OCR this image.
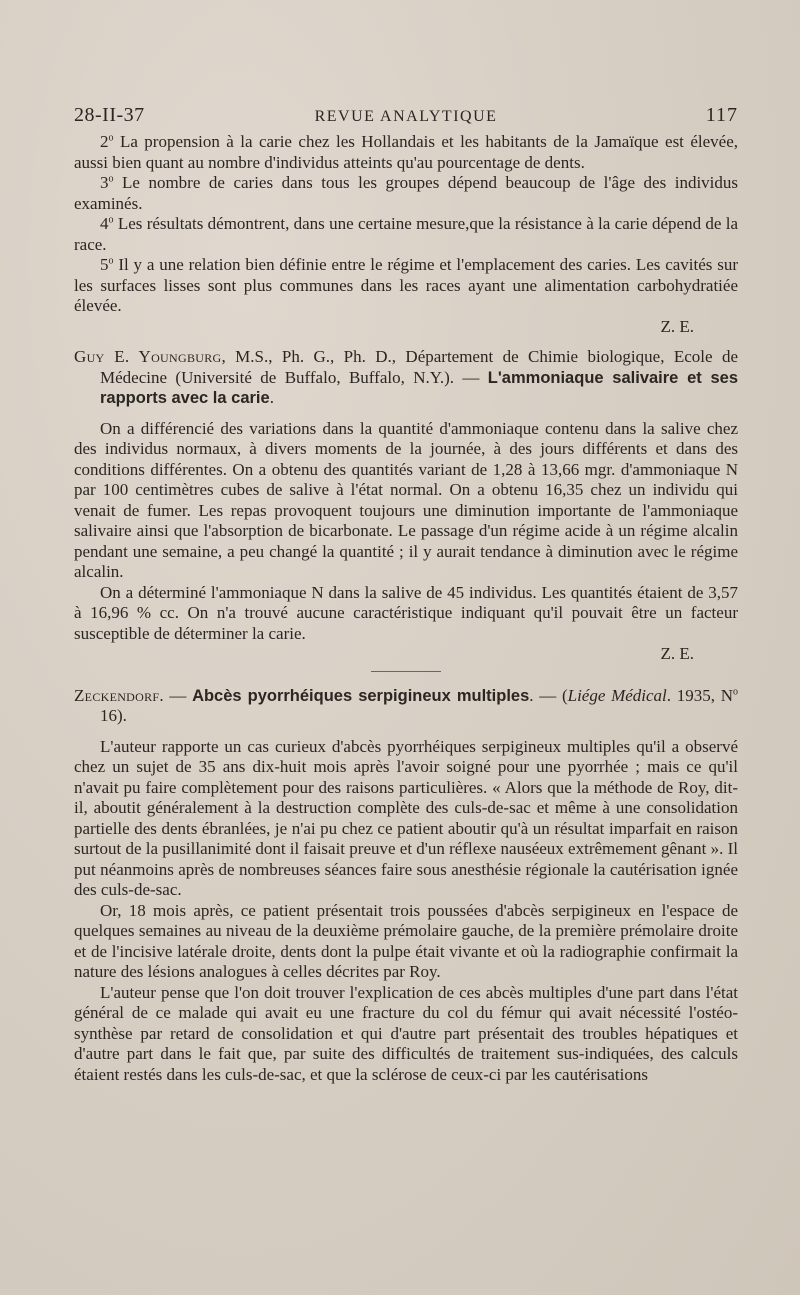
28-II-37	REVUE ANALYTIQUE	117

2$^o$ La propension à la carie chez les Hollandais et les habitants de la Jamaïque est élevée, aussi bien quant au nombre d'individus atteints qu'au pourcentage de dents.

3$^o$ Le nombre de caries dans tous les groupes dépend beaucoup de l'âge des individus examinés.

4$^o$ Les résultats démontrent, dans une certaine mesure,que la résistance à la carie dépend de la race.

5$^o$ Il y a une relation bien définie entre le régime et l'emplacement des caries. Les cavités sur les surfaces lisses sont plus communes dans les races ayant une alimentation carbohydratiée élevée.

Z. E.

Guy E. Youngburg, M.S., Ph. G., Ph. D., Département de Chimie biologique, Ecole de Médecine (Université de Buffalo, Buffalo, N.Y.). — L'ammoniaque salivaire et ses rapports avec la carie.

On a différencié des variations dans la quantité d'ammoniaque contenu dans la salive chez des individus normaux, à divers moments de la journée, à des jours différents et dans des conditions différentes. On a obtenu des quantités variant de 1,28 à 13,66 mgr. d'ammoniaque N par 100 centimètres cubes de salive à l'état normal. On a obtenu 16,35 chez un individu qui venait de fumer. Les repas provoquent toujours une diminution importante de l'ammoniaque salivaire ainsi que l'absorption de bicarbonate. Le passage d'un régime acide à un régime alcalin pendant une semaine, a peu changé la quantité ; il y aurait tendance à diminution avec le régime alcalin.

On a déterminé l'ammoniaque N dans la salive de 45 individus. Les quantités étaient de 3,57 à 16,96 % cc. On n'a trouvé aucune caractéristique indiquant qu'il pouvait être un facteur susceptible de déterminer la carie.

Z. E.

Zeckendorf. — Abcès pyorrhéiques serpigineux multiples. — (Liége Médical. 1935, $N^o$ 16).

L'auteur rapporte un cas curieux d'abcès pyorrhéiques serpigineux multiples qu'il a observé chez un sujet de 35 ans dix-huit mois après l'avoir soigné pour une pyorrhée ; mais ce qu'il n'avait pu faire complètement pour des raisons particulières. « Alors que la méthode de Roy, dit-il, aboutit généralement à la destruction complète des culs-de-sac et même à une consolidation partielle des dents ébranlées, je n'ai pu chez ce patient aboutir qu'à un résultat imparfait en raison surtout de la pusillanimité dont il faisait preuve et d'un réflexe nauséeux extrêmement gênant ». Il put néanmoins après de nombreuses séances faire sous anesthésie régionale la cautérisation ignée des culs-de-sac.

Or, 18 mois après, ce patient présentait trois poussées d'abcès serpigineux en l'espace de quelques semaines au niveau de la deuxième prémolaire gauche, de la première prémolaire droite et de l'incisive latérale droite, dents dont la pulpe était vivante et où la radiographie confirmait la nature des lésions analogues à celles décrites par Roy.

L'auteur pense que l'on doit trouver l'explication de ces abcès multiples d'une part dans l'état général de ce malade qui avait eu une fracture du col du fémur qui avait nécessité l'ostéo-synthèse par retard de consolidation et qui d'autre part présentait des troubles hépatiques et d'autre part dans le fait que, par suite des difficultés de traitement sus-indiquées, des calculs étaient restés dans les culs-de-sac, et que la sclérose de ceux-ci par les cautérisations
